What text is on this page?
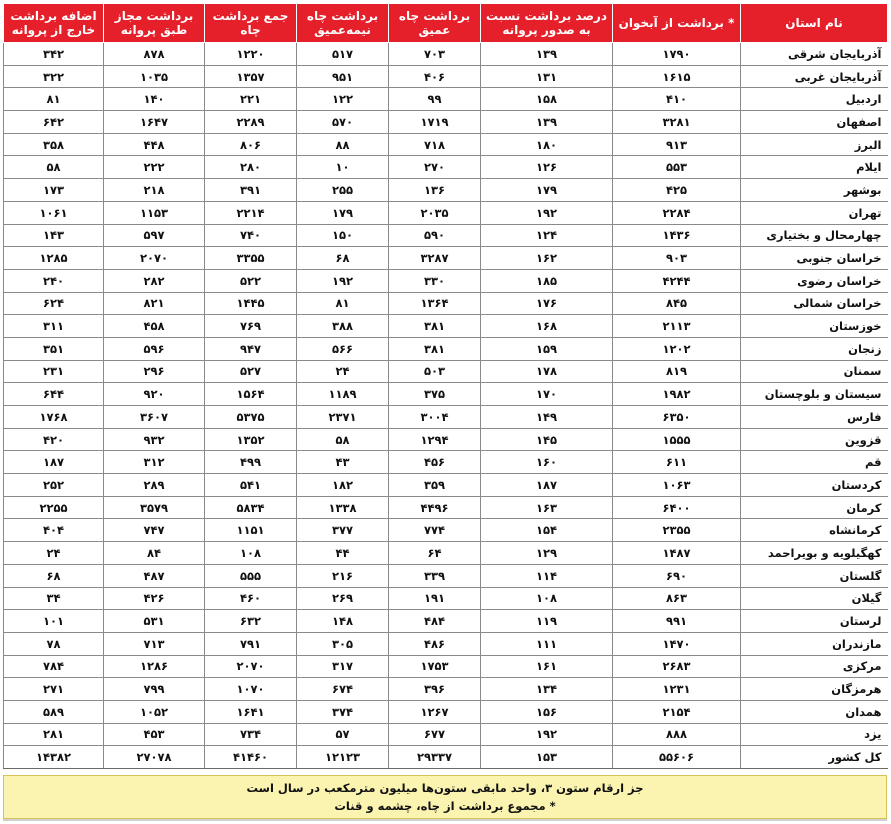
نام استان	* برداشت از آبخوان	درصد برداشت نسبت به صدور پروانه	برداشت چاه عمیق	برداشت چاه نیمه‌عمیق	جمع برداشت چاه	برداشت مجاز طبق پروانه	اضافه برداشت خارج از پروانه
آذربایجان شرقی	۱۷۹۰	۱۳۹	۷۰۳	۵۱۷	۱۲۲۰	۸۷۸	۳۴۲
آذربایجان غربی	۱۶۱۵	۱۳۱	۴۰۶	۹۵۱	۱۳۵۷	۱۰۳۵	۳۲۲
اردبیل	۴۱۰	۱۵۸	۹۹	۱۲۲	۲۲۱	۱۴۰	۸۱
اصفهان	۳۲۸۱	۱۳۹	۱۷۱۹	۵۷۰	۲۲۸۹	۱۶۴۷	۶۴۲
البرز	۹۱۳	۱۸۰	۷۱۸	۸۸	۸۰۶	۴۴۸	۳۵۸
ایلام	۵۵۳	۱۲۶	۲۷۰	۱۰	۲۸۰	۲۲۲	۵۸
بوشهر	۴۲۵	۱۷۹	۱۳۶	۲۵۵	۳۹۱	۲۱۸	۱۷۳
تهران	۲۲۸۴	۱۹۲	۲۰۳۵	۱۷۹	۲۲۱۴	۱۱۵۳	۱۰۶۱
چهارمحال و بختیاری	۱۴۳۶	۱۲۴	۵۹۰	۱۵۰	۷۴۰	۵۹۷	۱۴۳
خراسان جنوبی	۹۰۳	۱۶۲	۳۲۸۷	۶۸	۳۳۵۵	۲۰۷۰	۱۲۸۵
خراسان رضوی	۴۲۴۴	۱۸۵	۳۳۰	۱۹۲	۵۲۲	۲۸۲	۲۴۰
خراسان شمالی	۸۴۵	۱۷۶	۱۳۶۴	۸۱	۱۴۴۵	۸۲۱	۶۲۴
خوزستان	۲۱۱۳	۱۶۸	۳۸۱	۳۸۸	۷۶۹	۴۵۸	۳۱۱
زنجان	۱۲۰۲	۱۵۹	۳۸۱	۵۶۶	۹۴۷	۵۹۶	۳۵۱
سمنان	۸۱۹	۱۷۸	۵۰۳	۲۴	۵۲۷	۲۹۶	۲۳۱
سیستان و بلوچستان	۱۹۸۲	۱۷۰	۳۷۵	۱۱۸۹	۱۵۶۴	۹۲۰	۶۴۴
فارس	۶۳۵۰	۱۴۹	۳۰۰۴	۲۳۷۱	۵۳۷۵	۳۶۰۷	۱۷۶۸
قزوین	۱۵۵۵	۱۴۵	۱۲۹۴	۵۸	۱۳۵۲	۹۳۲	۴۲۰
قم	۶۱۱	۱۶۰	۴۵۶	۴۳	۴۹۹	۳۱۲	۱۸۷
کردستان	۱۰۶۳	۱۸۷	۳۵۹	۱۸۲	۵۴۱	۲۸۹	۲۵۲
کرمان	۶۴۰۰	۱۶۳	۴۴۹۶	۱۳۳۸	۵۸۳۴	۳۵۷۹	۲۲۵۵
کرمانشاه	۲۳۵۵	۱۵۴	۷۷۴	۳۷۷	۱۱۵۱	۷۴۷	۴۰۴
کهگیلویه و بویراحمد	۱۴۸۷	۱۲۹	۶۴	۴۴	۱۰۸	۸۴	۲۴
گلستان	۶۹۰	۱۱۴	۳۳۹	۲۱۶	۵۵۵	۴۸۷	۶۸
گیلان	۸۶۳	۱۰۸	۱۹۱	۲۶۹	۴۶۰	۴۲۶	۳۴
لرستان	۹۹۱	۱۱۹	۴۸۴	۱۴۸	۶۳۲	۵۳۱	۱۰۱
مازندران	۱۴۷۰	۱۱۱	۴۸۶	۳۰۵	۷۹۱	۷۱۳	۷۸
مرکزی	۲۶۸۳	۱۶۱	۱۷۵۳	۳۱۷	۲۰۷۰	۱۲۸۶	۷۸۴
هرمزگان	۱۲۳۱	۱۳۴	۳۹۶	۶۷۴	۱۰۷۰	۷۹۹	۲۷۱
همدان	۲۱۵۴	۱۵۶	۱۲۶۷	۳۷۴	۱۶۴۱	۱۰۵۲	۵۸۹
یزد	۸۸۸	۱۹۲	۶۷۷	۵۷	۷۳۴	۴۵۳	۲۸۱
کل کشور	۵۵۶۰۶	۱۵۳	۲۹۳۳۷	۱۲۱۲۳	۴۱۴۶۰	۲۷۰۷۸	۱۴۳۸۲
جز ارقام ستون ۳، واحد مابقی ستون‌ها میلیون مترمکعب در سال است
* مجموع برداشت از چاه، چشمه و قنات
